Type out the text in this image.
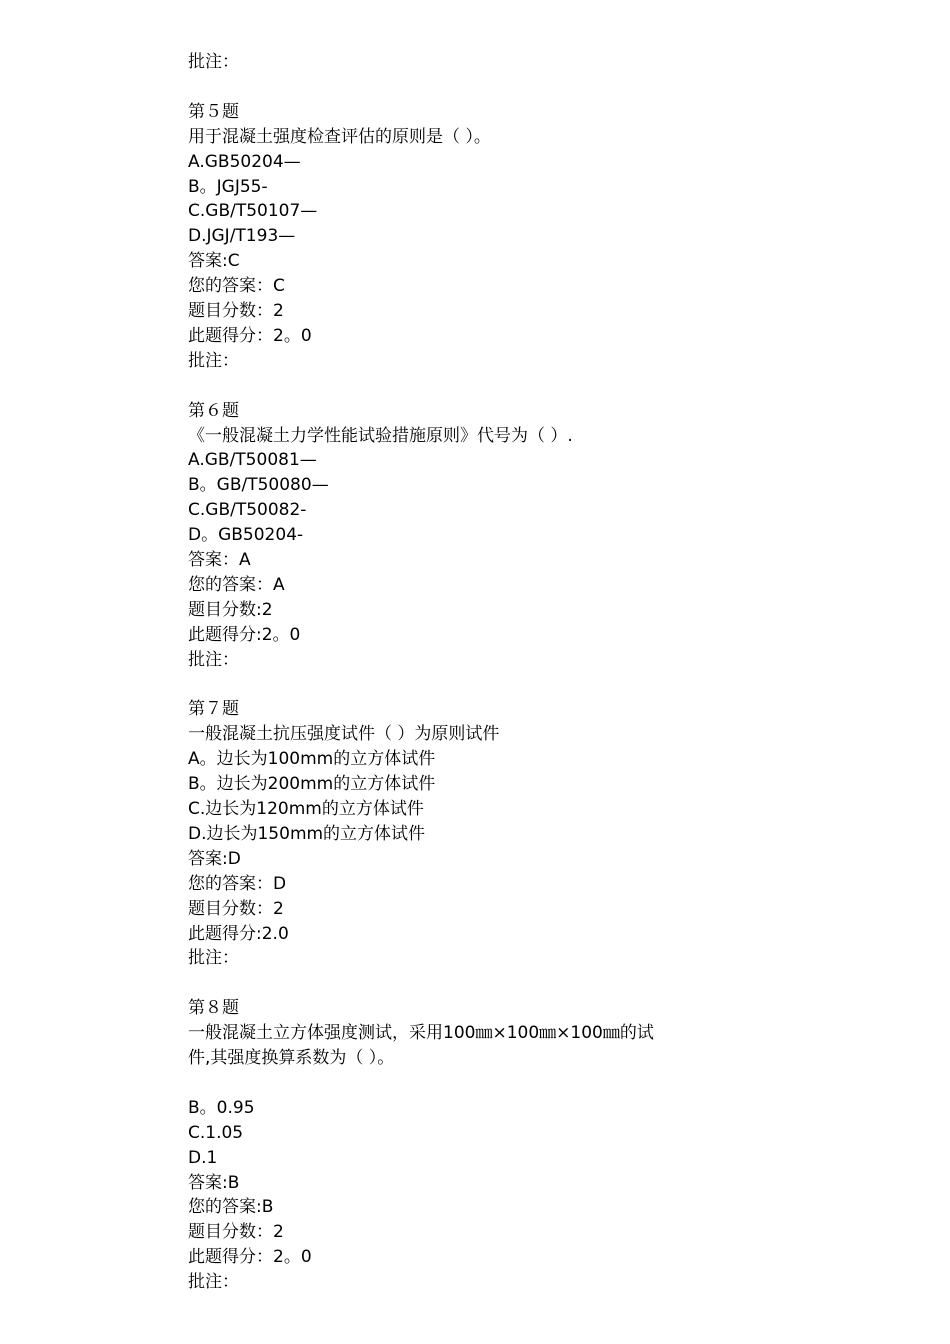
批注：
第５题
用于混凝土强度检查评估的原则是（ ）。
A.GB50204—
B。JGJ55-
C.GB/T50107—
D.JGJ/T193—
答案:C
您的答案：C
题目分数：2
此题得分：2。0
批注：
第６题
《一般混凝土力学性能试验措施原则》代号为（ ）.
A.GB/T50081—
B。GB/T50080—
C.GB/T50082-
D。GB50204-
答案：A
您的答案：A
题目分数:2
此题得分:2。0
批注：
第７题
一般混凝土抗压强度试件（ ）为原则试件
A。边长为100mm的立方体试件
B。边长为200mm的立方体试件
C.边长为120mm的立方体试件
D.边长为150mm的立方体试件
答案:D
您的答案：D
题目分数：2
此题得分:2.0
批注：
第８题
一般混凝土立方体强度测试，采用100㎜×100㎜×100㎜的试
件,其强度换算系数为（ ）。
B。0.95
C.1.05
D.1
答案:B
您的答案:B
题目分数：2
此题得分：2。0
批注：
